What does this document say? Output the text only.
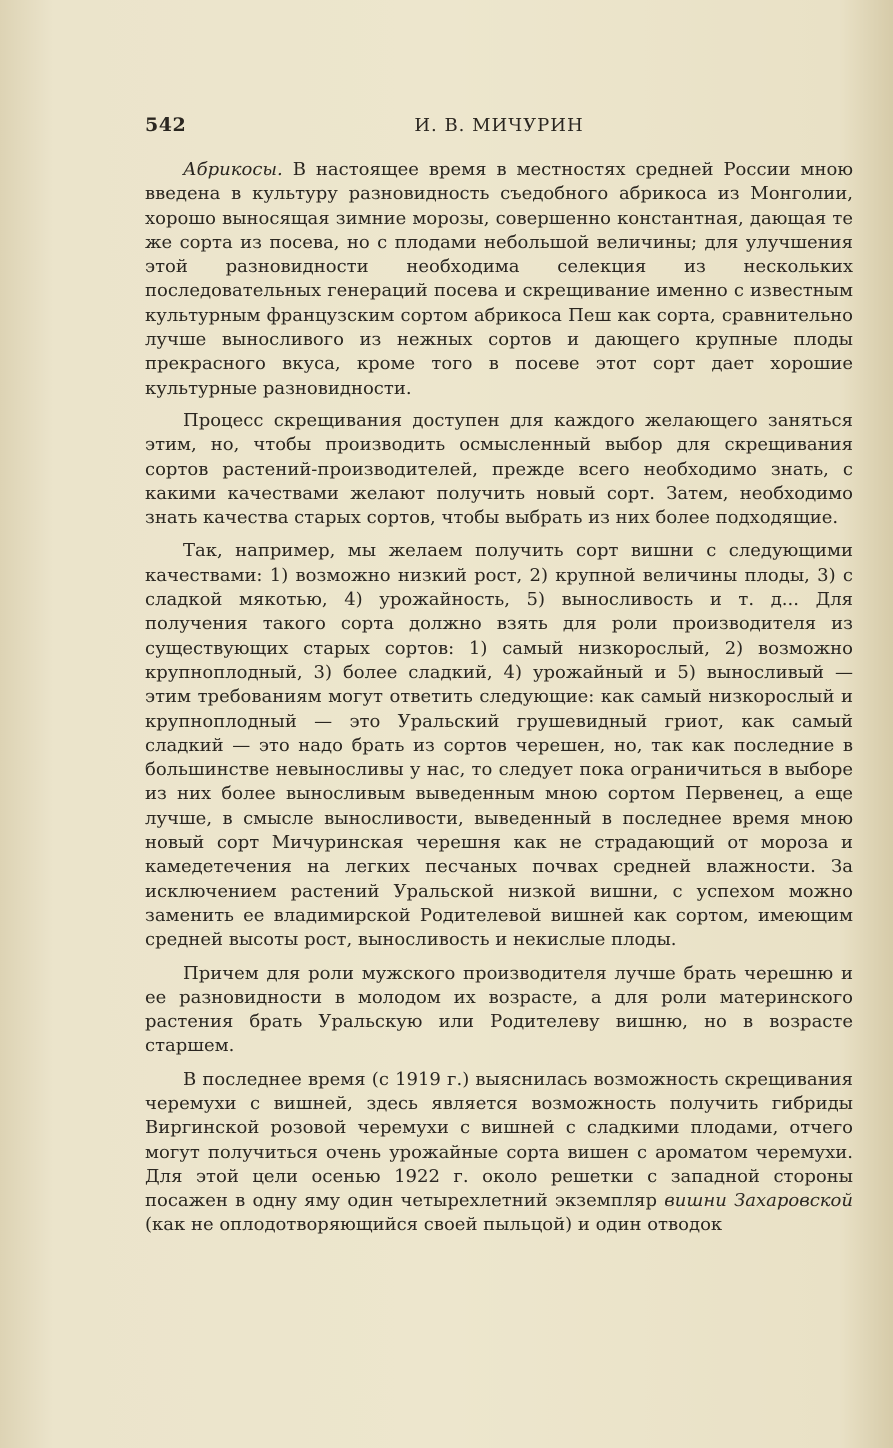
542	И. В. МИЧУРИН

Абрикосы. В настоящее время в местностях средней России мною введена в культуру разновидность съедобного абрикоса из Монголии, хорошо выносящая зимние морозы, совершенно константная, дающая те же сорта из посева, но с плодами небольшой величины; для улучшения этой разновидности необходима селекция из нескольких последовательных генераций посева и скрещивание именно с известным культурным французским сортом абрикоса Пеш как сорта, сравнительно лучше выносливого из нежных сортов и дающего крупные плоды прекрасного вкуса, кроме того в посеве этот сорт дает хорошие культурные разновидности.

Процесс скрещивания доступен для каждого желающего заняться этим, но, чтобы производить осмысленный выбор для скрещивания сортов растений-производителей, прежде всего необходимо знать, с какими качествами желают получить новый сорт. Затем, необходимо знать качества старых сортов, чтобы выбрать из них более подходящие.

Так, например, мы желаем получить сорт вишни с следующими качествами: 1) возможно низкий рост, 2) крупной величины плоды, 3) с сладкой мякотью, 4) урожайность, 5) выносливость и т. д... Для получения такого сорта должно взять для роли производителя из существующих старых сортов: 1) самый низкорослый, 2) возможно крупноплодный, 3) более сладкий, 4) урожайный и 5) выносливый — этим требованиям могут ответить следующие: как самый низкорослый и крупноплодный — это Уральский грушевидный гриот, как самый сладкий — это надо брать из сортов черешен, но, так как последние в большинстве невыносливы у нас, то следует пока ограничиться в выборе из них более выносливым выведенным мною сортом Первенец, а еще лучше, в смысле выносливости, выведенный в последнее время мною новый сорт Мичуринская черешня как не страдающий от мороза и камедетечения на легких песчаных почвах средней влажности. За исключением растений Уральской низкой вишни, с успехом можно заменить ее владимирской Родителевой вишней как сортом, имеющим средней высоты рост, выносливость и некислые плоды.

Причем для роли мужского производителя лучше брать черешню и ее разновидности в молодом их возрасте, а для роли материнского растения брать Уральскую или Родителеву вишню, но в возрасте старшем.

В последнее время (с 1919 г.) выяснилась возможность скрещивания черемухи с вишней, здесь является возможность получить гибриды Виргинской розовой черемухи с вишней с сладкими плодами, отчего могут получиться очень урожайные сорта вишен с ароматом черемухи. Для этой цели осенью 1922 г. около решетки с западной стороны посажен в одну яму один четырехлетний экземпляр вишни Захаровской (как не оплодотворяющийся своей пыльцой) и один отводок
